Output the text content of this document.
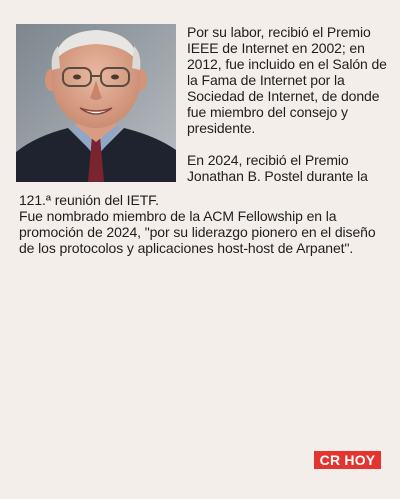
Por su labor, recibió el Premio IEEE de Internet en 2002; en 2012, fue incluido en el Salón de la Fama de Internet por la Sociedad de Internet, de donde fue miembro del consejo y presidente.

En 2024, recibió el Premio Jonathan B. Postel durante la

121.ª reunión del IETF.

Fue nombrado miembro de la ACM Fellowship en la promoción de 2024, "por su liderazgo pionero en el diseño de los protocolos y aplicaciones host-host de Arpanet".

CR HOY
